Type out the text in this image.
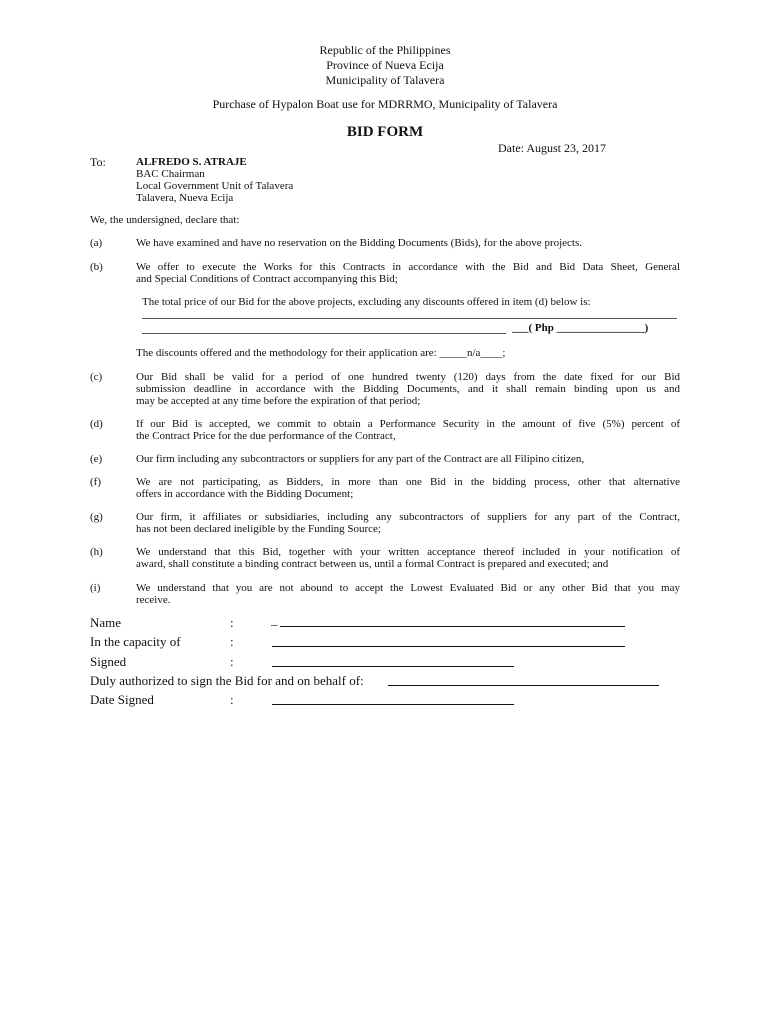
Republic of the Philippines
Province of Nueva Ecija
Municipality of Talavera
Purchase of Hypalon Boat use for MDRRMO, Municipality of Talavera
BID FORM
Date: August 23, 2017
To:	ALFREDO S. ATRAJE
BAC Chairman
Local Government Unit of Talavera
Talavera, Nueva Ecija
We, the undersigned, declare that:
(a)	We have examined and have no reservation on the Bidding Documents (Bids), for the above projects.
(b)	We offer to execute the Works for this Contracts in accordance with the Bid and Bid Data Sheet, General
and Special Conditions of Contract accompanying this Bid;
The total price of our Bid for the above projects, excluding any discounts offered in item (d) below is:
___( Php ________________)
The discounts offered and the methodology for their application are: _____n/a____;
(c)	Our Bid shall be valid for a period of one hundred twenty (120) days from the date fixed for our Bid
submission deadline in accordance with the Bidding Documents, and it shall remain binding upon us and
may be accepted at any time before the expiration of that period;
(d)	If our Bid is accepted, we commit to obtain a Performance Security in the amount of five (5%) percent of
the Contract Price for the due performance of the Contract,
(e)	Our firm including any subcontractors or suppliers for any part of the Contract are all Filipino citizen,
(f)	We are not participating, as Bidders, in more than one Bid in the bidding process, other that alternative
offers in accordance with the Bidding Document;
(g)	Our firm, it affiliates or subsidiaries, including any subcontractors of suppliers for any part of the Contract,
has not been declared ineligible by the Funding Source;
(h)	We understand that this Bid, together with your written acceptance thereof included in your notification of
award, shall constitute a binding contract between us, until a formal Contract is prepared and executed; and
(i)	We understand that you are not abound to accept the Lowest Evaluated Bid or any other Bid that you may
receive.
Name	:	_
In the capacity of	:
Signed	:
Duly authorized to sign the Bid for and on behalf of:
Date Signed	:
